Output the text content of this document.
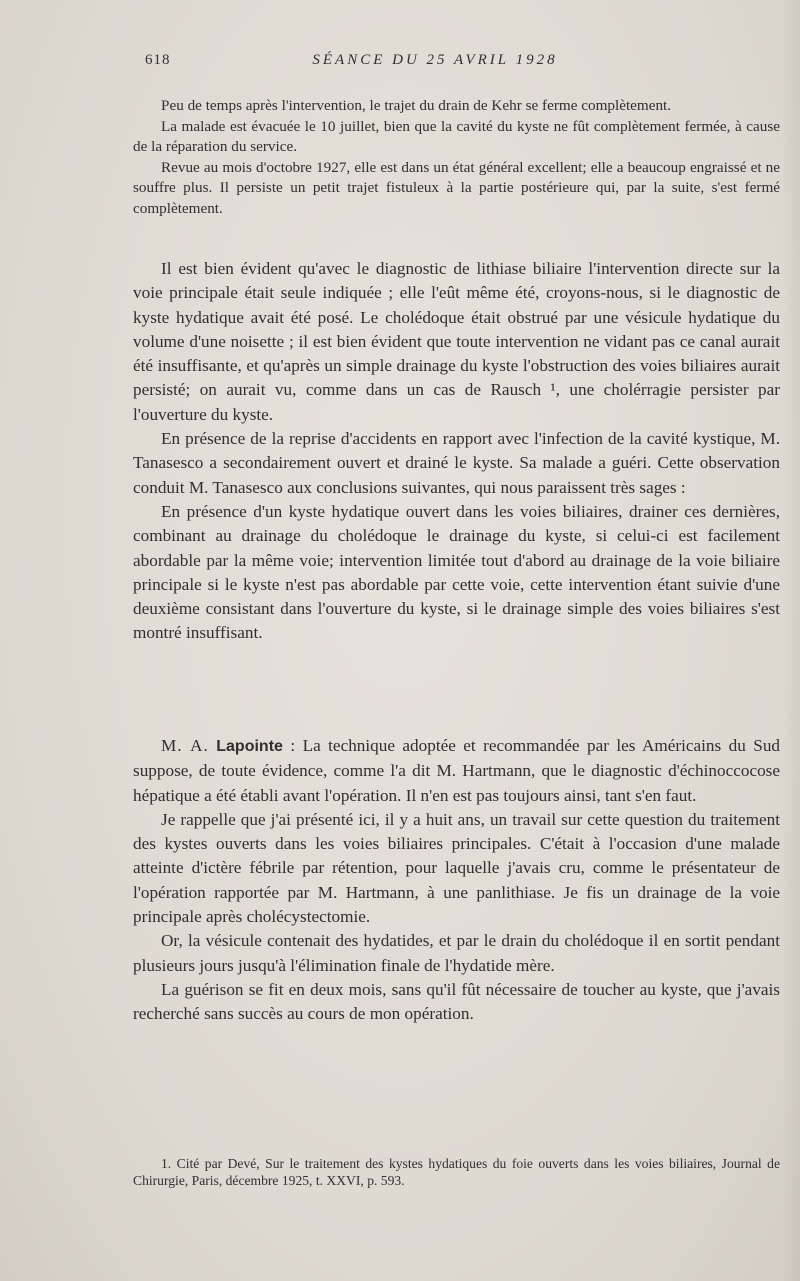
618	SÉANCE DU 25 AVRIL 1928

Peu de temps après l'intervention, le trajet du drain de Kehr se ferme complètement.

La malade est évacuée le 10 juillet, bien que la cavité du kyste ne fût complètement fermée, à cause de la réparation du service.

Revue au mois d'octobre 1927, elle est dans un état général excellent; elle a beaucoup engraissé et ne souffre plus. Il persiste un petit trajet fistuleux à la partie postérieure qui, par la suite, s'est fermé complètement.

Il est bien évident qu'avec le diagnostic de lithiase biliaire l'intervention directe sur la voie principale était seule indiquée ; elle l'eût même été, croyons-nous, si le diagnostic de kyste hydatique avait été posé. Le cholédoque était obstrué par une vésicule hydatique du volume d'une noisette ; il est bien évident que toute intervention ne vidant pas ce canal aurait été insuffisante, et qu'après un simple drainage du kyste l'obstruction des voies biliaires aurait persisté; on aurait vu, comme dans un cas de Rausch ¹, une cholérragie persister par l'ouverture du kyste.

En présence de la reprise d'accidents en rapport avec l'infection de la cavité kystique, M. Tanasesco a secondairement ouvert et drainé le kyste. Sa malade a guéri. Cette observation conduit M. Tanasesco aux conclusions suivantes, qui nous paraissent très sages :

En présence d'un kyste hydatique ouvert dans les voies biliaires, drainer ces dernières, combinant au drainage du cholédoque le drainage du kyste, si celui-ci est facilement abordable par la même voie; intervention limitée tout d'abord au drainage de la voie biliaire principale si le kyste n'est pas abordable par cette voie, cette intervention étant suivie d'une deuxième consistant dans l'ouverture du kyste, si le drainage simple des voies biliaires s'est montré insuffisant.

M. A. Lapointe : La technique adoptée et recommandée par les Américains du Sud suppose, de toute évidence, comme l'a dit M. Hartmann, que le diagnostic d'échinoccocose hépatique a été établi avant l'opération. Il n'en est pas toujours ainsi, tant s'en faut.

Je rappelle que j'ai présenté ici, il y a huit ans, un travail sur cette question du traitement des kystes ouverts dans les voies biliaires principales. C'était à l'occasion d'une malade atteinte d'ictère fébrile par rétention, pour laquelle j'avais cru, comme le présentateur de l'opération rapportée par M. Hartmann, à une panlithiase. Je fis un drainage de la voie principale après cholécystectomie.

Or, la vésicule contenait des hydatides, et par le drain du cholédoque il en sortit pendant plusieurs jours jusqu'à l'élimination finale de l'hydatide mère.

La guérison se fit en deux mois, sans qu'il fût nécessaire de toucher au kyste, que j'avais recherché sans succès au cours de mon opération.

1. Cité par Devé, Sur le traitement des kystes hydatiques du foie ouverts dans les voies biliaires, Journal de Chirurgie, Paris, décembre 1925, t. XXVI, p. 593.
